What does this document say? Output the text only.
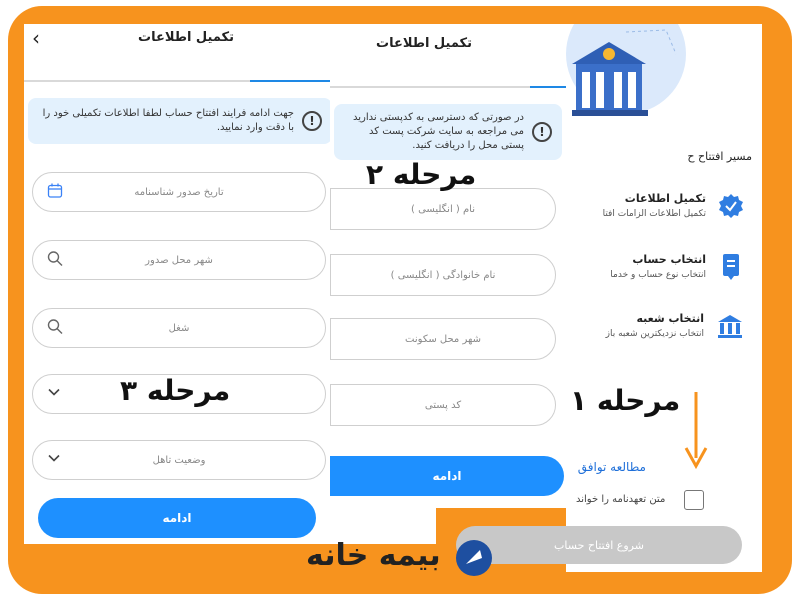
مسیر افتتاح ح
تکمیل اطلاعات
تکمیل اطلاعات الزامات افتا
انتخاب حساب
انتخاب نوع حساب و خدما
انتخاب شعبه
انتخاب نزدیکترین شعبه باز
مطالعه توافق
متن تعهدنامه را خواند
شروع افتتاح حساب
تکمیل اطلاعات
!
در صورتی که دسترسی به کدپستی ندارید می مراجعه به سایت شرکت پست کد پستی محل را دریافت کنید.
نام ( انگلیسی )
نام خانوادگی ( انگلیسی )
شهر محل سکونت
کد پستی
ادامه
‹	تکمیل اطلاعات
!
جهت ادامه فرایند افتتاح حساب لطفا اطلاعات تکمیلی خود را با دقت وارد نمایید.
تاریخ صدور شناسنامه
شهر محل صدور
شغل
وضعیت تاهل
ادامه
مرحله ۱
مرحله ۲
مرحله ۳
بیمه خانه
